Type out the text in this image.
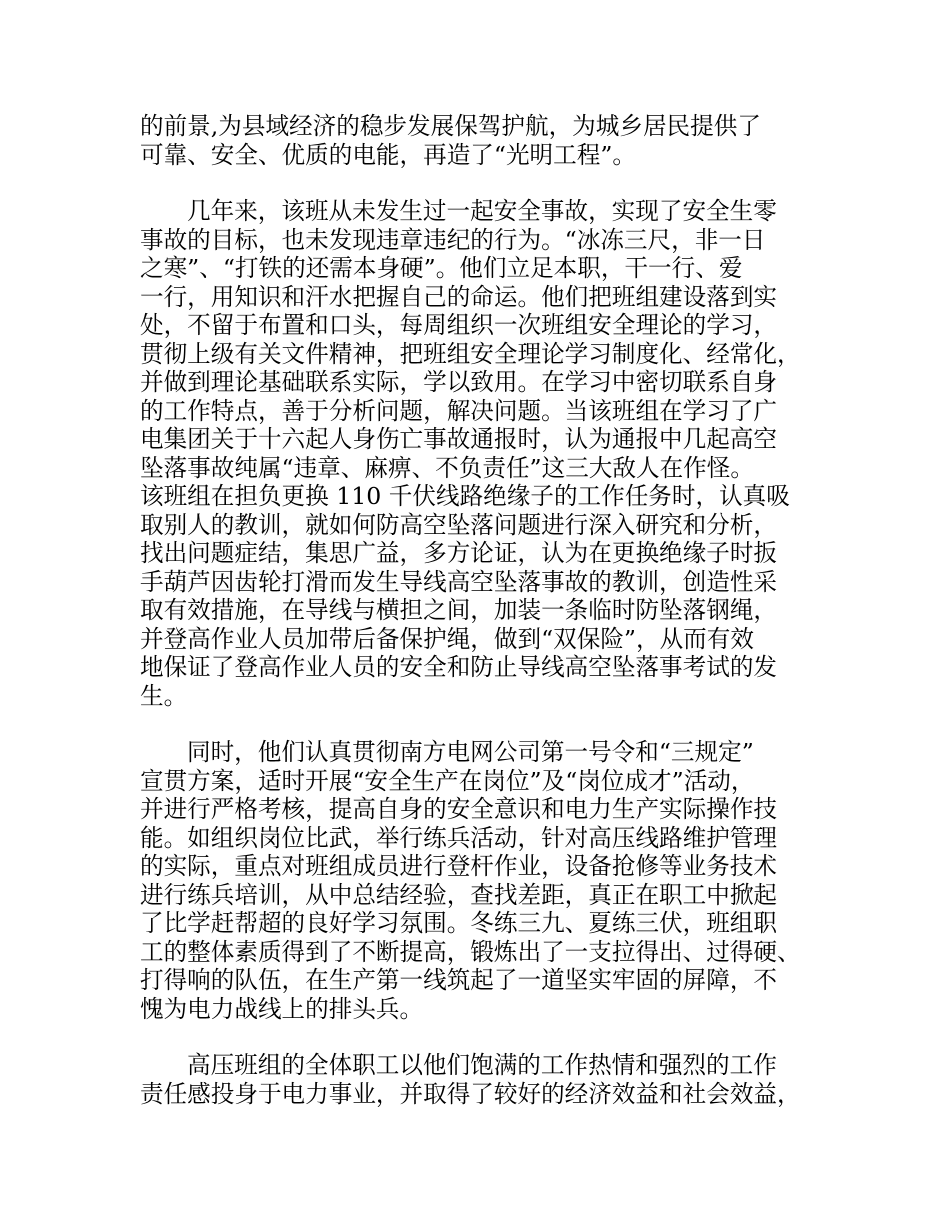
的前景,为县域经济的稳步发展保驾护航，为城乡居民提供了
可靠、安全、优质的电能，再造了“光明工程”。
几年来，该班从未发生过一起安全事故，实现了安全生零
事故的目标，也未发现违章违纪的行为。“冰冻三尺，非一日
之寒”、“打铁的还需本身硬”。他们立足本职，干一行、爱
一行，用知识和汗水把握自己的命运。他们把班组建设落到实
处，不留于布置和口头，每周组织一次班组安全理论的学习，
贯彻上级有关文件精神，把班组安全理论学习制度化、经常化，
并做到理论基础联系实际，学以致用。在学习中密切联系自身
的工作特点，善于分析问题，解决问题。当该班组在学习了广
电集团关于十六起人身伤亡事故通报时，认为通报中几起高空
坠落事故纯属“违章、麻痹、不负责任”这三大敌人在作怪。
该班组在担负更换 110 千伏线路绝缘子的工作任务时，认真吸
取别人的教训，就如何防高空坠落问题进行深入研究和分析，
找出问题症结，集思广益，多方论证，认为在更换绝缘子时扳
手葫芦因齿轮打滑而发生导线高空坠落事故的教训，创造性采
取有效措施，在导线与横担之间，加装一条临时防坠落钢绳，
并登高作业人员加带后备保护绳，做到“双保险”，从而有效
地保证了登高作业人员的安全和防止导线高空坠落事考试的发
生。
同时，他们认真贯彻南方电网公司第一号令和“三规定”
宣贯方案，适时开展“安全生产在岗位”及“岗位成才”活动，
并进行严格考核，提高自身的安全意识和电力生产实际操作技
能。如组织岗位比武，举行练兵活动，针对高压线路维护管理
的实际，重点对班组成员进行登杆作业，设备抢修等业务技术
进行练兵培训，从中总结经验，查找差距，真正在职工中掀起
了比学赶帮超的良好学习氛围。冬练三九、夏练三伏，班组职
工的整体素质得到了不断提高，锻炼出了一支拉得出、过得硬、
打得响的队伍，在生产第一线筑起了一道坚实牢固的屏障，不
愧为电力战线上的排头兵。
高压班组的全体职工以他们饱满的工作热情和强烈的工作
责任感投身于电力事业，并取得了较好的经济效益和社会效益，
